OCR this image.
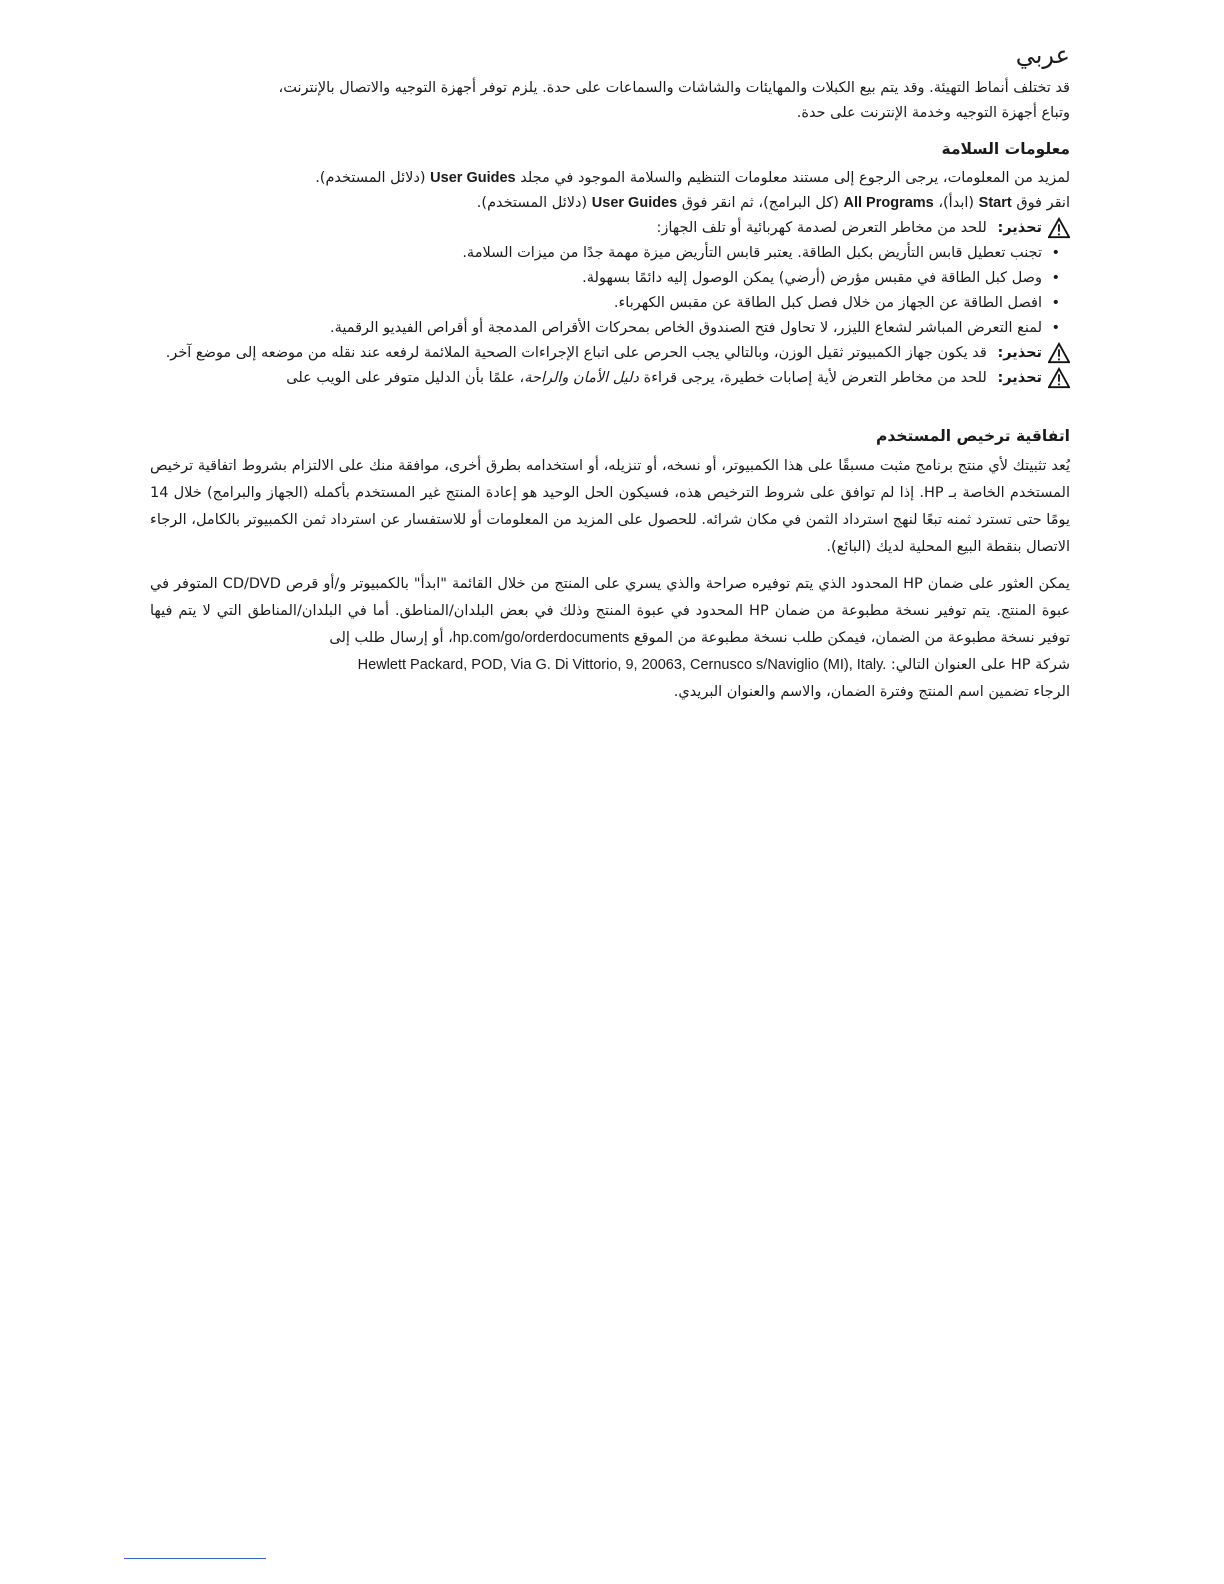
عربي

قد تختلف أنماط التهيئة. وقد يتم بيع الكبلات والمهايئات والشاشات والسماعات على حدة. يلزم توفر أجهزة التوجيه والاتصال بالإنترنت،

وتباع أجهزة التوجيه وخدمة الإنترنت على حدة.

معلومات السلامة

لمزيد من المعلومات، يرجى الرجوع إلى مستند معلومات التنظيم والسلامة الموجود في مجلد User Guides (دلائل المستخدم).

انقر فوق Start (ابدأ)، All Programs (كل البرامج)، ثم انقر فوق User Guides (دلائل المستخدم).

تحذير: للحد من مخاطر التعرض لصدمة كهربائية أو تلف الجهاز:
• تجنب تعطيل قابس التأريض بكبل الطاقة. يعتبر قابس التأريض ميزة مهمة جدًا من ميزات السلامة.
• وصل كبل الطاقة في مقبس مؤرض (أرضي) يمكن الوصول إليه دائمًا بسهولة.
• افصل الطاقة عن الجهاز من خلال فصل كبل الطاقة عن مقبس الكهرباء.
• لمنع التعرض المباشر لشعاع الليزر، لا تحاول فتح الصندوق الخاص بمحركات الأقراص المدمجة أو أقراص الفيديو الرقمية.
تحذير: قد يكون جهاز الكمبيوتر ثقيل الوزن، وبالتالي يجب الحرص على اتباع الإجراءات الصحية الملائمة لرفعه عند نقله من موضعه إلى موضع آخر.
تحذير: للحد من مخاطر التعرض لأية إصابات خطيرة، يرجى قراءة دليل الأمان والراحة، علمًا بأن الدليل متوفر على الويب على
اتفاقية ترخيص المستخدم

يُعد تثبيتك لأي منتج برنامج مثبت مسبقًا على هذا الكمبيوتر، أو نسخه، أو تنزيله، أو استخدامه بطرق أخرى، موافقة منك على الالتزام بشروط اتفاقية ترخيص المستخدم الخاصة بـ HP. إذا لم توافق على شروط الترخيص هذه، فسيكون الحل الوحيد هو إعادة المنتج غير المستخدم بأكمله (الجهاز والبرامج) خلال 14 يومًا حتى تسترد ثمنه تبعًا لنهج استرداد الثمن في مكان شرائه. للحصول على المزيد من المعلومات أو للاستفسار عن استرداد ثمن الكمبيوتر بالكامل، الرجاء الاتصال بنقطة البيع المحلية لديك (البائع).

يمكن العثور على ضمان HP المحدود الذي يتم توفيره صراحة والذي يسري على المنتج من خلال القائمة "ابدأ" بالكمبيوتر و/أو قرص CD/DVD المتوفر في عبوة المنتج. يتم توفير نسخة مطبوعة من ضمان HP المحدود في عبوة المنتج وذلك في بعض البلدان/المناطق. أما في البلدان/المناطق التي لا يتم فيها توفير نسخة مطبوعة من الضمان، فيمكن طلب نسخة مطبوعة من الموقع hp.com/go/orderdocuments، أو إرسال طلب إلى

شركة HP على العنوان التالي: Hewlett Packard, POD, Via G. Di Vittorio, 9, 20063, Cernusco s/Naviglio (MI), Italy.

الرجاء تضمين اسم المنتج وفترة الضمان، والاسم والعنوان البريدي.
